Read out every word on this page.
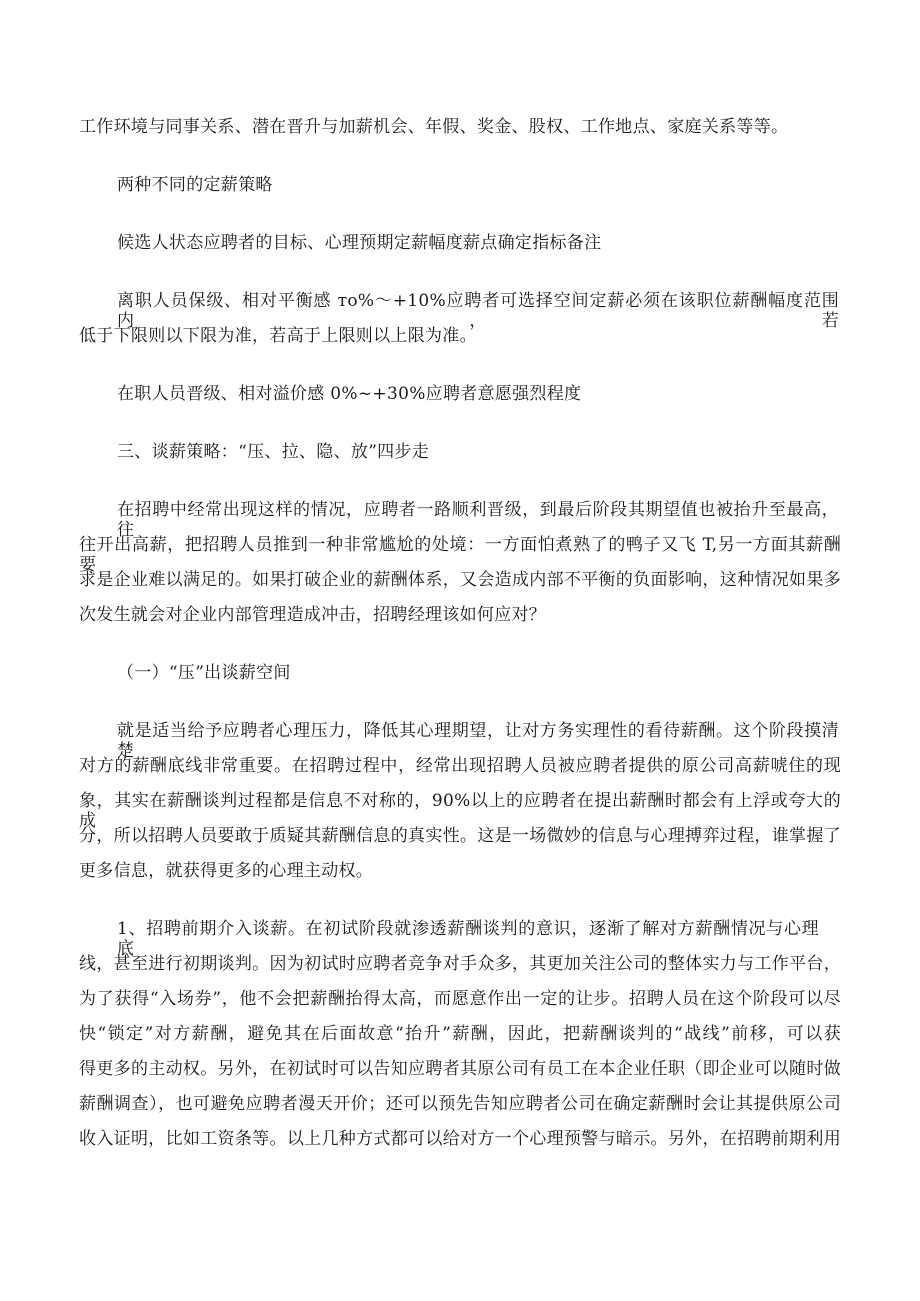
工作环境与同事关系、潜在晋升与加薪机会、年假、奖金、股权、工作地点、家庭关系等等。
两种不同的定薪策略
候选人状态应聘者的目标、心理预期定薪幅度薪点确定指标备注
离职人员保级、相对平衡感 то%～+10%应聘者可选择空间定薪必须在该职位薪酬幅度范围内，若
低于下限则以下限为准，若高于上限则以上限为准。
在职人员晋级、相对溢价感 0%~+30%应聘者意愿强烈程度
三、谈薪策略：“压、拉、隐、放”四步走
在招聘中经常出现这样的情况，应聘者一路顺利晋级，到最后阶段其期望值也被抬升至最高，往
往开出高薪，把招聘人员推到一种非常尴尬的处境：一方面怕煮熟了的鸭子又飞 T,另一方面其薪酬要
求是企业难以满足的。如果打破企业的薪酬体系，又会造成内部不平衡的负面影响，这种情况如果多
次发生就会对企业内部管理造成冲击，招聘经理该如何应对？
（一）“压”出谈薪空间
就是适当给予应聘者心理压力，降低其心理期望，让对方务实理性的看待薪酬。这个阶段摸清楚
对方的薪酬底线非常重要。在招聘过程中，经常出现招聘人员被应聘者提供的原公司高薪唬住的现
象，其实在薪酬谈判过程都是信息不对称的，90%以上的应聘者在提出薪酬时都会有上浮或夸大的成
分，所以招聘人员要敢于质疑其薪酬信息的真实性。这是一场微妙的信息与心理搏弈过程，谁掌握了
更多信息，就获得更多的心理主动权。
1、招聘前期介入谈薪。在初试阶段就渗透薪酬谈判的意识，逐渐了解对方薪酬情况与心理底
线，甚至进行初期谈判。因为初试时应聘者竞争对手众多，其更加关注公司的整体实力与工作平台，
为了获得“入场券”，他不会把薪酬抬得太高，而愿意作出一定的让步。招聘人员在这个阶段可以尽
快“锁定”对方薪酬，避免其在后面故意“抬升”薪酬，因此，把薪酬谈判的“战线”前移，可以获
得更多的主动权。另外，在初试时可以告知应聘者其原公司有员工在本企业任职（即企业可以随时做
薪酬调查），也可避免应聘者漫天开价；还可以预先告知应聘者公司在确定薪酬时会让其提供原公司
收入证明，比如工资条等。以上几种方式都可以给对方一个心理预警与暗示。另外，在招聘前期利用
